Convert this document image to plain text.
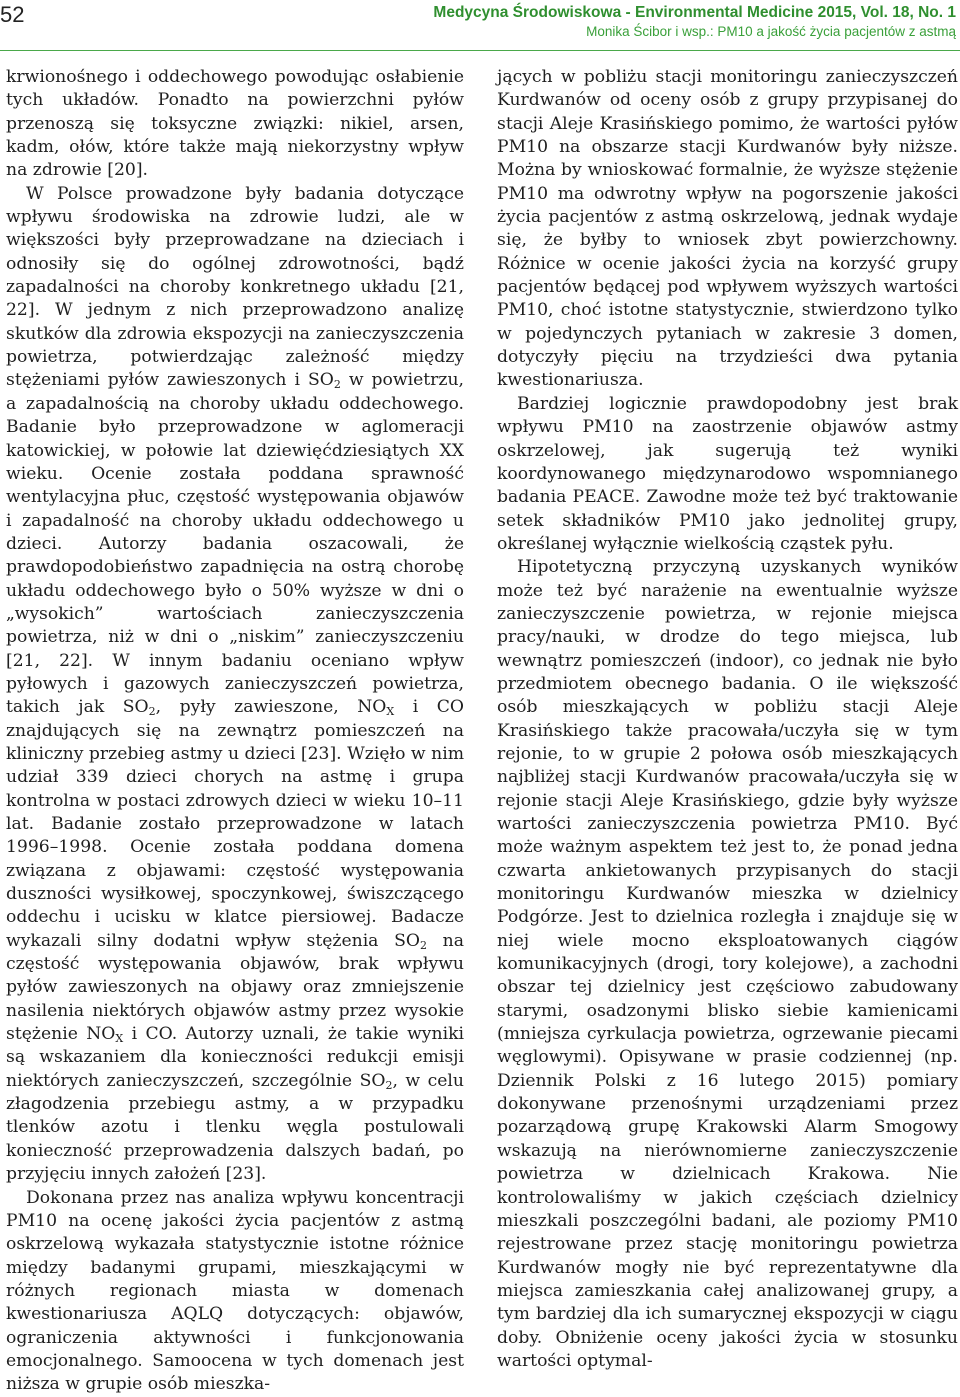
52	Medycyna Środowiskowa - Environmental Medicine 2015, Vol. 18, No. 1
Monika Ścibor i wsp.: PM10 a jakość życia pacjentów z astmą

krwionośnego i oddechowego powodując osłabienie tych układów. Ponadto na powierzchni pyłów przenoszą się toksyczne związki: nikiel, arsen, kadm, ołów, które także mają niekorzystny wpływ na zdrowie [20].

W Polsce prowadzone były badania dotyczące wpływu środowiska na zdrowie ludzi, ale w większości były przeprowadzane na dzieciach i odnosiły się do ogólnej zdrowotności, bądź zapadalności na choroby konkretnego układu [21, 22]. W jednym z nich przeprowadzono analizę skutków dla zdrowia ekspozycji na zanieczyszczenia powietrza, potwierdzając zależność między stężeniami pyłów zawieszonych i $SO_2$ w powietrzu, a zapadalnością na choroby układu oddechowego. Badanie było przeprowadzone w aglomeracji katowickiej, w połowie lat dziewięćdziesiątych XX wieku. Ocenie została poddana sprawność wentylacyjna płuc, częstość występowania objawów i zapadalność na choroby układu oddechowego u dzieci. Autorzy badania oszacowali, że prawdopodobieństwo zapadnięcia na ostrą chorobę układu oddechowego było o 50% wyższe w dni o „wysokich” wartościach zanieczyszczenia powietrza, niż w dni o „niskim” zanieczyszczeniu [21, 22]. W innym badaniu oceniano wpływ pyłowych i gazowych zanieczyszczeń powietrza, takich jak $SO_2$, pyły zawieszone, $NO_X$ i CO znajdujących się na zewnątrz pomieszczeń na kliniczny przebieg astmy u dzieci [23]. Wzięło w nim udział 339 dzieci chorych na astmę i grupa kontrolna w postaci zdrowych dzieci w wieku 10–11 lat. Badanie zostało przeprowadzone w latach 1996–1998. Ocenie została poddana domena związana z objawami: częstość występowania duszności wysiłkowej, spoczynkowej, świszczącego oddechu i ucisku w klatce piersiowej. Badacze wykazali silny dodatni wpływ stężenia $SO_2$ na częstość występowania objawów, brak wpływu pyłów zawieszonych na objawy oraz zmniejszenie nasilenia niektórych objawów astmy przez wysokie stężenie $NO_X$ i CO. Autorzy uznali, że takie wyniki są wskazaniem dla konieczności redukcji emisji niektórych zanieczyszczeń, szczególnie $SO_2$, w celu złagodzenia przebiegu astmy, a w przypadku tlenków azotu i tlenku węgla postulowali konieczność przeprowadzenia dalszych badań, po przyjęciu innych założeń [23].

Dokonana przez nas analiza wpływu koncentracji PM10 na ocenę jakości życia pacjentów z astmą oskrzelową wykazała statystycznie istotne różnice między badanymi grupami, mieszkającymi w różnych regionach miasta w domenach kwestionariusza AQLQ dotyczących: objawów, ograniczenia aktywności i funkcjonowania emocjonalnego. Samoocena w tych domenach jest niższa w grupie osób mieszka-

jących w pobliżu stacji monitoringu zanieczyszczeń Kurdwanów od oceny osób z grupy przypisanej do stacji Aleje Krasińskiego pomimo, że wartości pyłów PM10 na obszarze stacji Kurdwanów były niższe. Można by wnioskować formalnie, że wyższe stężenie PM10 ma odwrotny wpływ na pogorszenie jakości życia pacjentów z astmą oskrzelową, jednak wydaje się, że byłby to wniosek zbyt powierzchowny. Różnice w ocenie jakości życia na korzyść grupy pacjentów będącej pod wpływem wyższych wartości PM10, choć istotne statystycznie, stwierdzono tylko w pojedynczych pytaniach w zakresie 3 domen, dotyczyły pięciu na trzydzieści dwa pytania kwestionariusza.

Bardziej logicznie prawdopodobny jest brak wpływu PM10 na zaostrzenie objawów astmy oskrzelowej, jak sugerują też wyniki koordynowanego międzynarodowo wspomnianego badania PEACE. Zawodne może też być traktowanie setek składników PM10 jako jednolitej grupy, określanej wyłącznie wielkością cząstek pyłu.

Hipotetyczną przyczyną uzyskanych wyników może też być narażenie na ewentualnie wyższe zanieczyszczenie powietrza, w rejonie miejsca pracy/nauki, w drodze do tego miejsca, lub wewnątrz pomieszczeń (indoor), co jednak nie było przedmiotem obecnego badania. O ile większość osób mieszkających w pobliżu stacji Aleje Krasińskiego także pracowała/uczyła się w tym rejonie, to w grupie 2 połowa osób mieszkających najbliżej stacji Kurdwanów pracowała/uczyła się w rejonie stacji Aleje Krasińskiego, gdzie były wyższe wartości zanieczyszczenia powietrza PM10. Być może ważnym aspektem też jest to, że ponad jedna czwarta ankietowanych przypisanych do stacji monitoringu Kurdwanów mieszka w dzielnicy Podgórze. Jest to dzielnica rozległa i znajduje się w niej wiele mocno eksploatowanych ciągów komunikacyjnych (drogi, tory kolejowe), a zachodni obszar tej dzielnicy jest częściowo zabudowany starymi, osadzonymi blisko siebie kamienicami (mniejsza cyrkulacja powietrza, ogrzewanie piecami węglowymi). Opisywane w prasie codziennej (np. Dziennik Polski z 16 lutego 2015) pomiary dokonywane przenośnymi urządzeniami przez pozarządową grupę Krakowski Alarm Smogowy wskazują na nierównomierne zanieczyszczenie powietrza w dzielnicach Krakowa. Nie kontrolowaliśmy w jakich częściach dzielnicy mieszkali poszczególni badani, ale poziomy PM10 rejestrowane przez stację monitoringu powietrza Kurdwanów mogły nie być reprezentatywne dla miejsca zamieszkania całej analizowanej grupy, a tym bardziej dla ich sumarycznej ekspozycji w ciągu doby. Obniżenie oceny jakości życia w stosunku wartości optymal-
